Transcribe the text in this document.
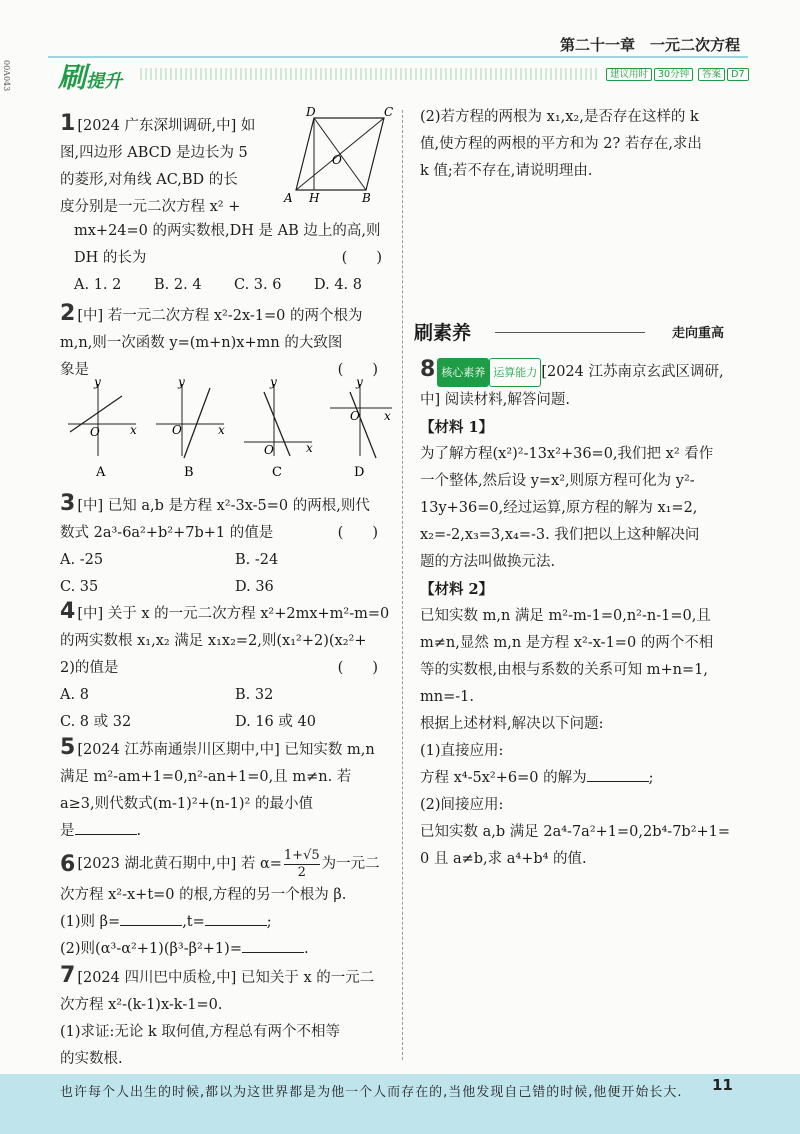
00A043
第二十一章　一元二次方程
刷提升	建议用时 30分钟 答案 D7
1 [2024 广东深圳调研,中] 如
图,四边形 ABCD 是边长为 5
的菱形,对角线 AC,BD 的长
度分别是一元二次方程 x² +
mx+24=0 的两实数根,DH 是 AB 边上的高,则
DH 的长为	(　　)
A. 1. 2	B. 2. 4	C. 3. 6	D. 4. 8
D	C
A H	B
O
2 [中] 若一元二次方程 x²-2x-1=0 的两个根为
m,n,则一次函数 y=(m+n)x+mn 的大致图
象是	(　　)
y
x
O
A
y
x
O
B
y
x
O
C
y
x
O
D
3 [中] 已知 a,b 是方程 x²-3x-5=0 的两根,则代
数式 2a³-6a²+b²+7b+1 的值是	(　　)
A. -25	B. -24
C. 35	D. 36
4 [中] 关于 x 的一元二次方程 x²+2mx+m²-m=0
的两实数根 x₁,x₂ 满足 x₁x₂=2,则(x₁²+2)(x₂²+
2)的值是	(　　)
A. 8	B. 32
C. 8 或 32	D. 16 或 40
5 [2024 江苏南通崇川区期中,中] 已知实数 m,n
满足 m²-am+1=0,n²-an+1=0,且 m≠n. 若
a≥3,则代数式(m-1)²+(n-1)² 的最小值
是	.
6 [2023 湖北黄石期中,中] 若 $\alpha= \frac{1+√5}{2}$ 为一元二
次方程 x²-x+t=0 的根,方程的另一个根为 β.
(1)则 β=	,t=	;
(2)则(α³-α²+1)(β³-β²+1)=	.
7 [2024 四川巴中质检,中] 已知关于 x 的一元二
次方程 x²-(k-1)x-k-1=0.
(1)求证:无论 k 取何值,方程总有两个不相等
的实数根.
(2)若方程的两根为 x₁,x₂,是否存在这样的 k
值,使方程的两根的平方和为 2? 若存在,求出
k 值;若不存在,请说明理由.
刷素养	走向重高
8 核心素养 运算能力 [2024 江苏南京玄武区调研,
中] 阅读材料,解答问题.
【材料 1】
为了解方程(x²)²-13x²+36=0,我们把 x² 看作
一个整体,然后设 y=x²,则原方程可化为 y²-
13y+36=0,经过运算,原方程的解为 x₁=2,
x₂=-2,x₃=3,x₄=-3. 我们把以上这种解决问
题的方法叫做换元法.
【材料 2】
已知实数 m,n 满足 m²-m-1=0,n²-n-1=0,且
m≠n,显然 m,n 是方程 x²-x-1=0 的两个不相
等的实数根,由根与系数的关系可知 m+n=1,
mn=-1.
根据上述材料,解决以下问题:
(1)直接应用:
方程 x⁴-5x²+6=0 的解为	;
(2)间接应用:
已知实数 a,b 满足 2a⁴-7a²+1=0,2b⁴-7b²+1=
0 且 a≠b,求 a⁴+b⁴ 的值.
也许每个人出生的时候,都以为这世界都是为他一个人而存在的,当他发现自己错的时候,他便开始长大.	11
